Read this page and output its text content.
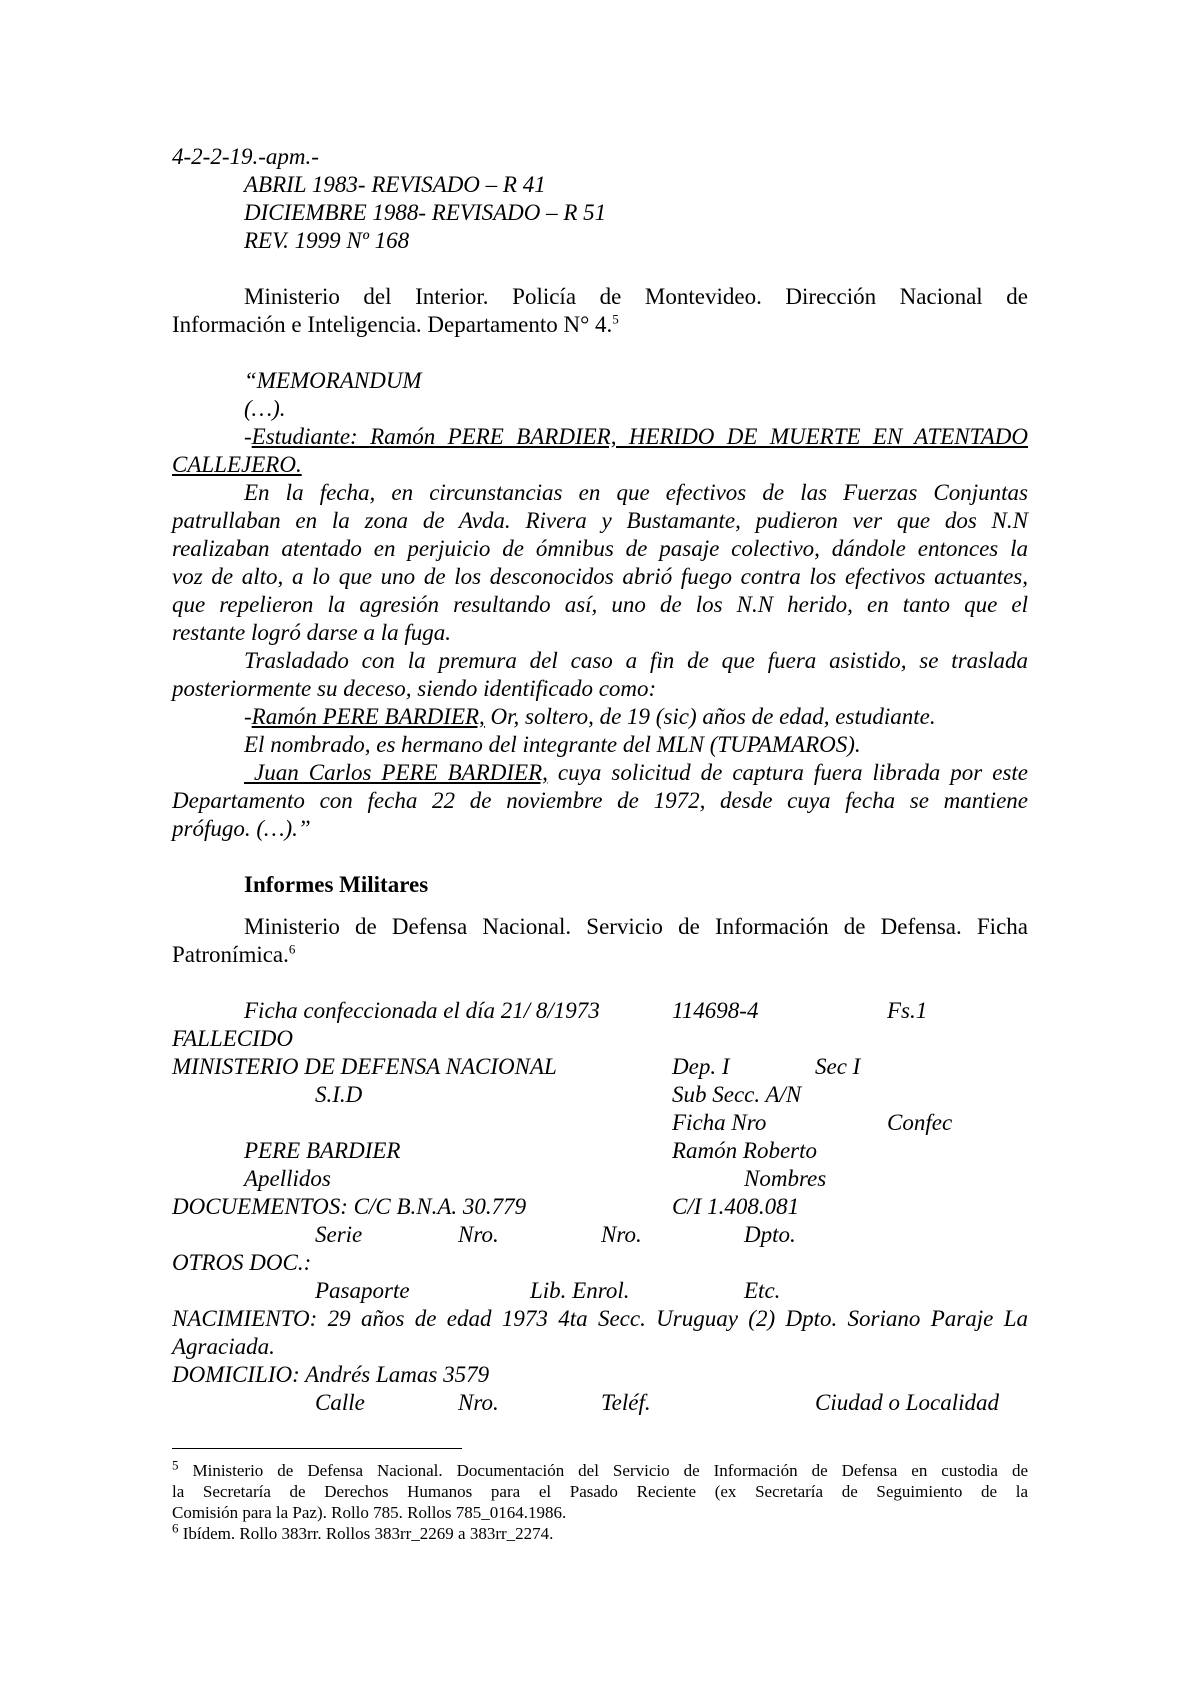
4-2-2-19.-apm.-
ABRIL 1983- REVISADO – R 41
DICIEMBRE 1988- REVISADO – R 51
REV. 1999 Nº 168
Ministerio del Interior. Policía de Montevideo. Dirección Nacional de
Información e Inteligencia. Departamento N° 4.$^5$
“MEMORANDUM
(…).
-Estudiante: Ramón PERE BARDIER, HERIDO DE MUERTE EN ATENTADO
CALLEJERO.
En la fecha, en circunstancias en que efectivos de las Fuerzas Conjuntas
patrullaban en la zona de Avda. Rivera y Bustamante, pudieron ver que dos N.N
realizaban atentado en perjuicio de ómnibus de pasaje colectivo, dándole entonces la
voz de alto, a lo que uno de los desconocidos abrió fuego contra los efectivos actuantes,
que repelieron la agresión resultando así, uno de los N.N herido, en tanto que el
restante logró darse a la fuga.
Trasladado con la premura del caso a fin de que fuera asistido, se traslada
posteriormente su deceso, siendo identificado como:
-Ramón PERE BARDIER, Or, soltero, de 19 (sic) años de edad, estudiante.
El nombrado, es hermano del integrante del MLN (TUPAMAROS).
Juan Carlos PERE BARDIER, cuya solicitud de captura fuera librada por este
Departamento con fecha 22 de noviembre de 1972, desde cuya fecha se mantiene
prófugo. (…).”
Informes Militares
Ministerio de Defensa Nacional. Servicio de Información de Defensa. Ficha
Patronímica.$^6$
Ficha confeccionada el día 21/ 8/1973	114698-4	Fs.1
FALLECIDO
MINISTERIO DE DEFENSA NACIONAL	Dep. I	Sec I
S.I.D	Sub Secc. A/N
Ficha Nro	Confec
PERE BARDIER	Ramón Roberto
Apellidos	Nombres
DOCUEMENTOS: C/C B.N.A. 30.779	C/I 1.408.081
Serie	Nro.	Nro.	Dpto.
OTROS DOC.:
Pasaporte	Lib. Enrol.	Etc.
NACIMIENTO: 29 años de edad 1973 4ta Secc. Uruguay (2) Dpto. Soriano Paraje La
Agraciada.
DOMICILIO: Andrés Lamas 3579
Calle	Nro.	Teléf.	Ciudad o Localidad
$^5$ Ministerio de Defensa Nacional. Documentación del Servicio de Información de Defensa en custodia de
la Secretaría de Derechos Humanos para el Pasado Reciente (ex Secretaría de Seguimiento de la
Comisión para la Paz). Rollo 785. Rollos 785_0164.1986.
$^6$ Ibídem. Rollo 383rr. Rollos 383rr_2269 a 383rr_2274.
